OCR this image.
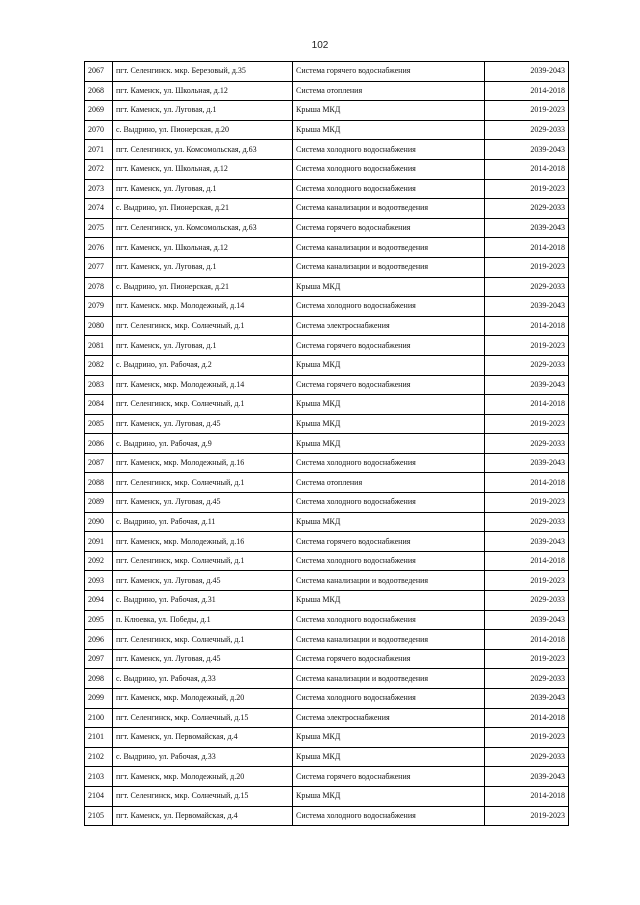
102
2067	пгт. Селенгинск. мкр. Березовый, д.35	Система горячего водоснабжения	2039-2043
2068	пгт. Каменск, ул. Школьная, д.12	Система отопления	2014-2018
2069	пгт. Каменск, ул. Луговая, д.1	Крыша МКД	2019-2023
2070	с. Выдрино, ул. Пионерская, д.20	Крыша МКД	2029-2033
2071	пгт. Селенгинск, ул. Комсомольская, д.63	Система холодного водоснабжения	2039-2043
2072	пгт. Каменск, ул. Школьная, д.12	Система холодного водоснабжения	2014-2018
2073	пгт. Каменск, ул. Луговая, д.1	Система холодного водоснабжения	2019-2023
2074	с. Выдрино, ул. Пионерская, д.21	Система канализации и водоотведения	2029-2033
2075	пгт. Селенгинск, ул. Комсомольская, д.63	Система горячего водоснабжения	2039-2043
2076	пгт. Каменск, ул. Школьная, д.12	Система канализации и водоотведения	2014-2018
2077	пгт. Каменск, ул. Луговая, д.1	Система канализации и водоотведения	2019-2023
2078	с. Выдрино, ул. Пионерская, д.21	Крыша МКД	2029-2033
2079	пгт. Каменск. мкр. Молодежный, д.14	Система холодного водоснабжения	2039-2043
2080	пгт. Селенгинск, мкр. Солнечный, д.1	Система электроснабжения	2014-2018
2081	пгт. Каменск, ул. Луговая, д.1	Система горячего водоснабжения	2019-2023
2082	с. Выдрино, ул. Рабочая, д.2	Крыша МКД	2029-2033
2083	пгт. Каменск, мкр. Молодежный, д.14	Система горячего водоснабжения	2039-2043
2084	пгт. Селенгинск, мкр. Солнечный, д.1	Крыша МКД	2014-2018
2085	пгт. Каменск, ул. Луговая, д.45	Крыша МКД	2019-2023
2086	с. Выдрино, ул. Рабочая, д.9	Крыша МКД	2029-2033
2087	пгт. Каменск, мкр. Молодежный, д.16	Система холодного водоснабжения	2039-2043
2088	пгт. Селенгинск, мкр. Солнечный, д.1	Система отопления	2014-2018
2089	пгт. Каменск, ул. Луговая, д.45	Система холодного водоснабжения	2019-2023
2090	с. Выдрино, ул. Рабочая, д.11	Крыша МКД	2029-2033
2091	пгт. Каменск, мкр. Молодежный, д.16	Система горячего водоснабжения	2039-2043
2092	пгт. Селенгинск, мкр. Солнечный, д.1	Система холодного водоснабжения	2014-2018
2093	пгт. Каменск, ул. Луговая, д.45	Система канализации и водоотведения	2019-2023
2094	с. Выдрино, ул. Рабочая, д.31	Крыша МКД	2029-2033
2095	п. Клюевка, ул. Победы, д.1	Система холодного водоснабжения	2039-2043
2096	пгт. Селенгинск, мкр. Солнечный, д.1	Система канализации и водоотведения	2014-2018
2097	пгт. Каменск, ул. Луговая, д.45	Система горячего водоснабжения	2019-2023
2098	с. Выдрино, ул. Рабочая, д.33	Система канализации и водоотведения	2029-2033
2099	пгт. Каменск, мкр. Молодежный, д.20	Система холодного водоснабжения	2039-2043
2100	пгт. Селенгинск, мкр. Солнечный, д.15	Система электроснабжения	2014-2018
2101	пгт. Каменск, ул. Первомайская, д.4	Крыша МКД	2019-2023
2102	с. Выдрино, ул. Рабочая, д.33	Крыша МКД	2029-2033
2103	пгт. Каменск, мкр. Молодежный, д.20	Система горячего водоснабжения	2039-2043
2104	пгт. Селенгинск, мкр. Солнечный, д.15	Крыша МКД	2014-2018
2105	пгт. Каменск, ул. Первомайская, д.4	Система холодного водоснабжения	2019-2023
